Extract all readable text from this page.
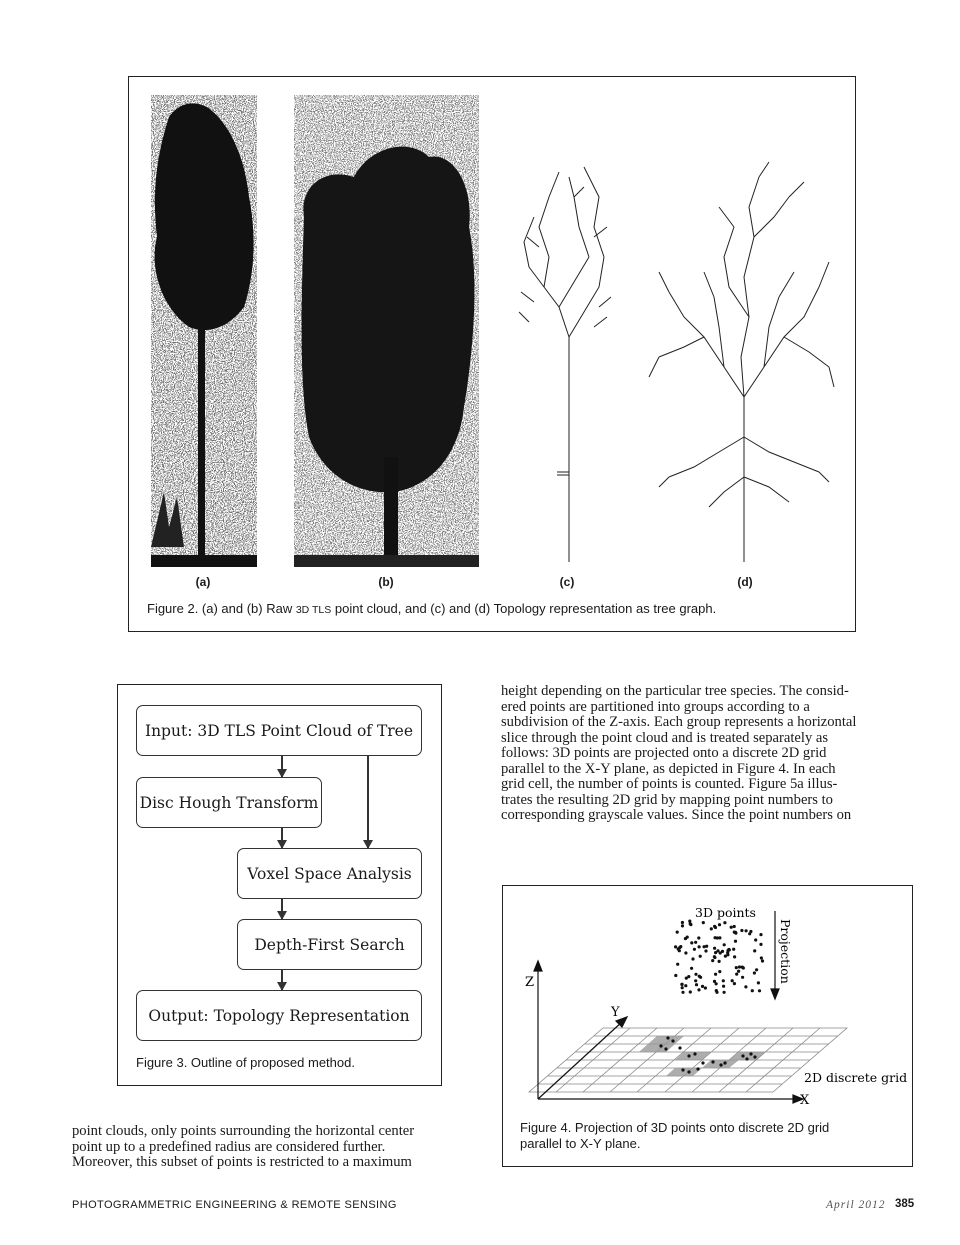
(a)	(b)	(c)	(d)
Figure 2. (a) and (b) Raw 3D TLS point cloud, and (c) and (d) Topology representation as tree graph.
Input: 3D TLS Point Cloud of Tree
Disc Hough Transform
Voxel Space Analysis
Depth-First Search
Output: Topology Representation
Figure 3. Outline of proposed method.
height depending on the particular tree species. The consid-
ered points are partitioned into groups according to a
subdivision of the Z-axis. Each group represents a horizontal
slice through the point cloud and is treated separately as
follows: 3D points are projected onto a discrete 2D grid
parallel to the X-Y plane, as depicted in Figure 4. In each
grid cell, the number of points is counted. Figure 5a illus-
trates the resulting 2D grid by mapping point numbers to
corresponding grayscale values. Since the point numbers on
Z
Y
X
3D points
Projection
2D discrete grid
Figure 4. Projection of 3D points onto discrete 2D grid
parallel to X-Y plane.
point clouds, only points surrounding the horizontal center
point up to a predefined radius are considered further.
Moreover, this subset of points is restricted to a maximum
PHOTOGRAMMETRIC ENGINEERING & REMOTE SENSING	April 2012 385
